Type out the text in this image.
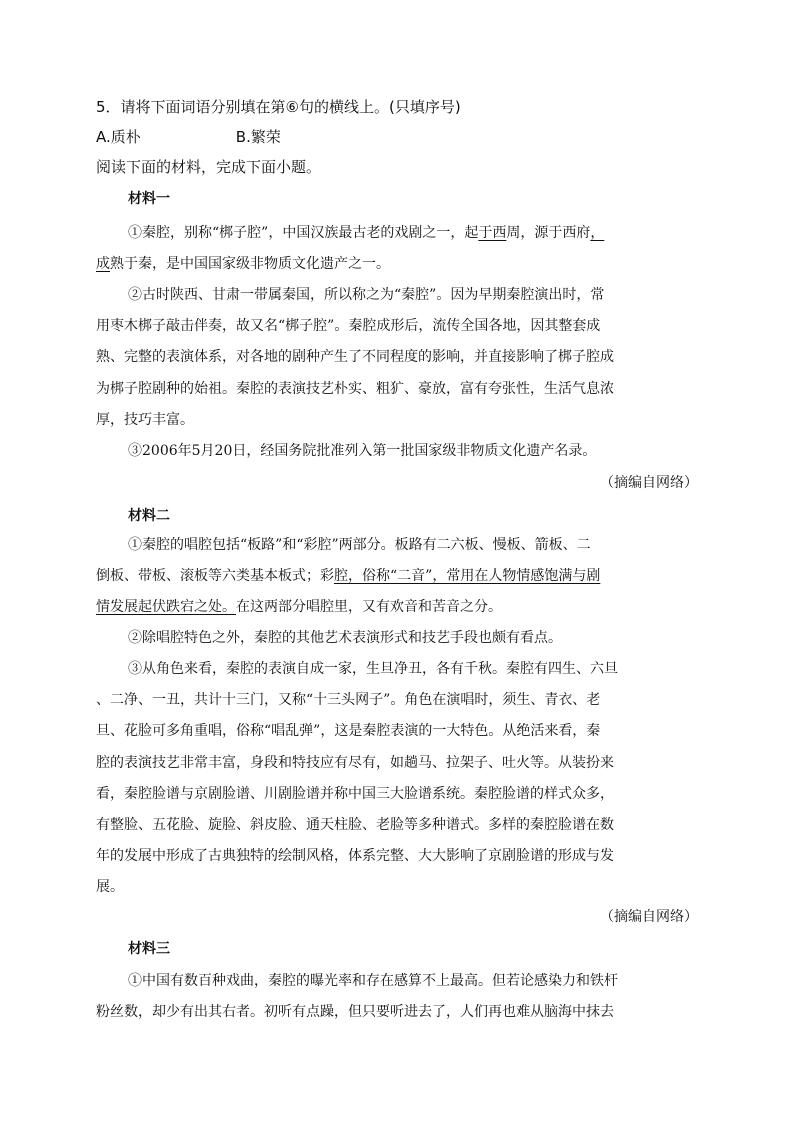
5．请将下面词语分别填在第⑥句的横线上。(只填序号)
A.质朴	B.繁荣
阅读下面的材料，完成下面小题。
材料一
①秦腔，别称“梆子腔”，中国汉族最古老的戏剧之一，起于西周，源于西府，
成熟于秦，是中国国家级非物质文化遗产之一。
②古时陕西、甘肃一带属秦国，所以称之为“秦腔”。因为早期秦腔演出时，常
用枣木梆子敲击伴奏，故又名“梆子腔”。秦腔成形后，流传全国各地，因其整套成
熟、完整的表演体系，对各地的剧种产生了不同程度的影响，并直接影响了梆子腔成
为梆子腔剧种的始祖。秦腔的表演技艺朴实、粗犷、豪放，富有夸张性，生活气息浓
厚，技巧丰富。
③2006年5月20日，经国务院批准列入第一批国家级非物质文化遗产名录。
（摘编自网络）
材料二
①秦腔的唱腔包括“板路”和“彩腔”两部分。板路有二六板、慢板、箭板、二
倒板、带板、滚板等六类基本板式；彩腔，俗称“二音”，常用在人物情感饱满与剧
情发展起伏跌宕之处。在这两部分唱腔里，又有欢音和苦音之分。
②除唱腔特色之外，秦腔的其他艺术表演形式和技艺手段也颇有看点。
③从角色来看，秦腔的表演自成一家，生旦净丑，各有千秋。秦腔有四生、六旦
、二净、一丑，共计十三门，又称“十三头网子”。角色在演唱时，须生、青衣、老
旦、花脸可多角重唱，俗称“唱乱弹”，这是秦腔表演的一大特色。从绝活来看，秦
腔的表演技艺非常丰富，身段和特技应有尽有，如趟马、拉架子、吐火等。从装扮来
看，秦腔脸谱与京剧脸谱、川剧脸谱并称中国三大脸谱系统。秦腔脸谱的样式众多，
有整脸、五花脸、旋脸、斜皮脸、通天柱脸、老脸等多种谱式。多样的秦腔脸谱在数
年的发展中形成了古典独特的绘制风格，体系完整、大大影响了京剧脸谱的形成与发
展。
（摘编自网络）
材料三
①中国有数百种戏曲，秦腔的曝光率和存在感算不上最高。但若论感染力和铁杆
粉丝数，却少有出其右者。初听有点躁，但只要听进去了，人们再也难从脑海中抹去
